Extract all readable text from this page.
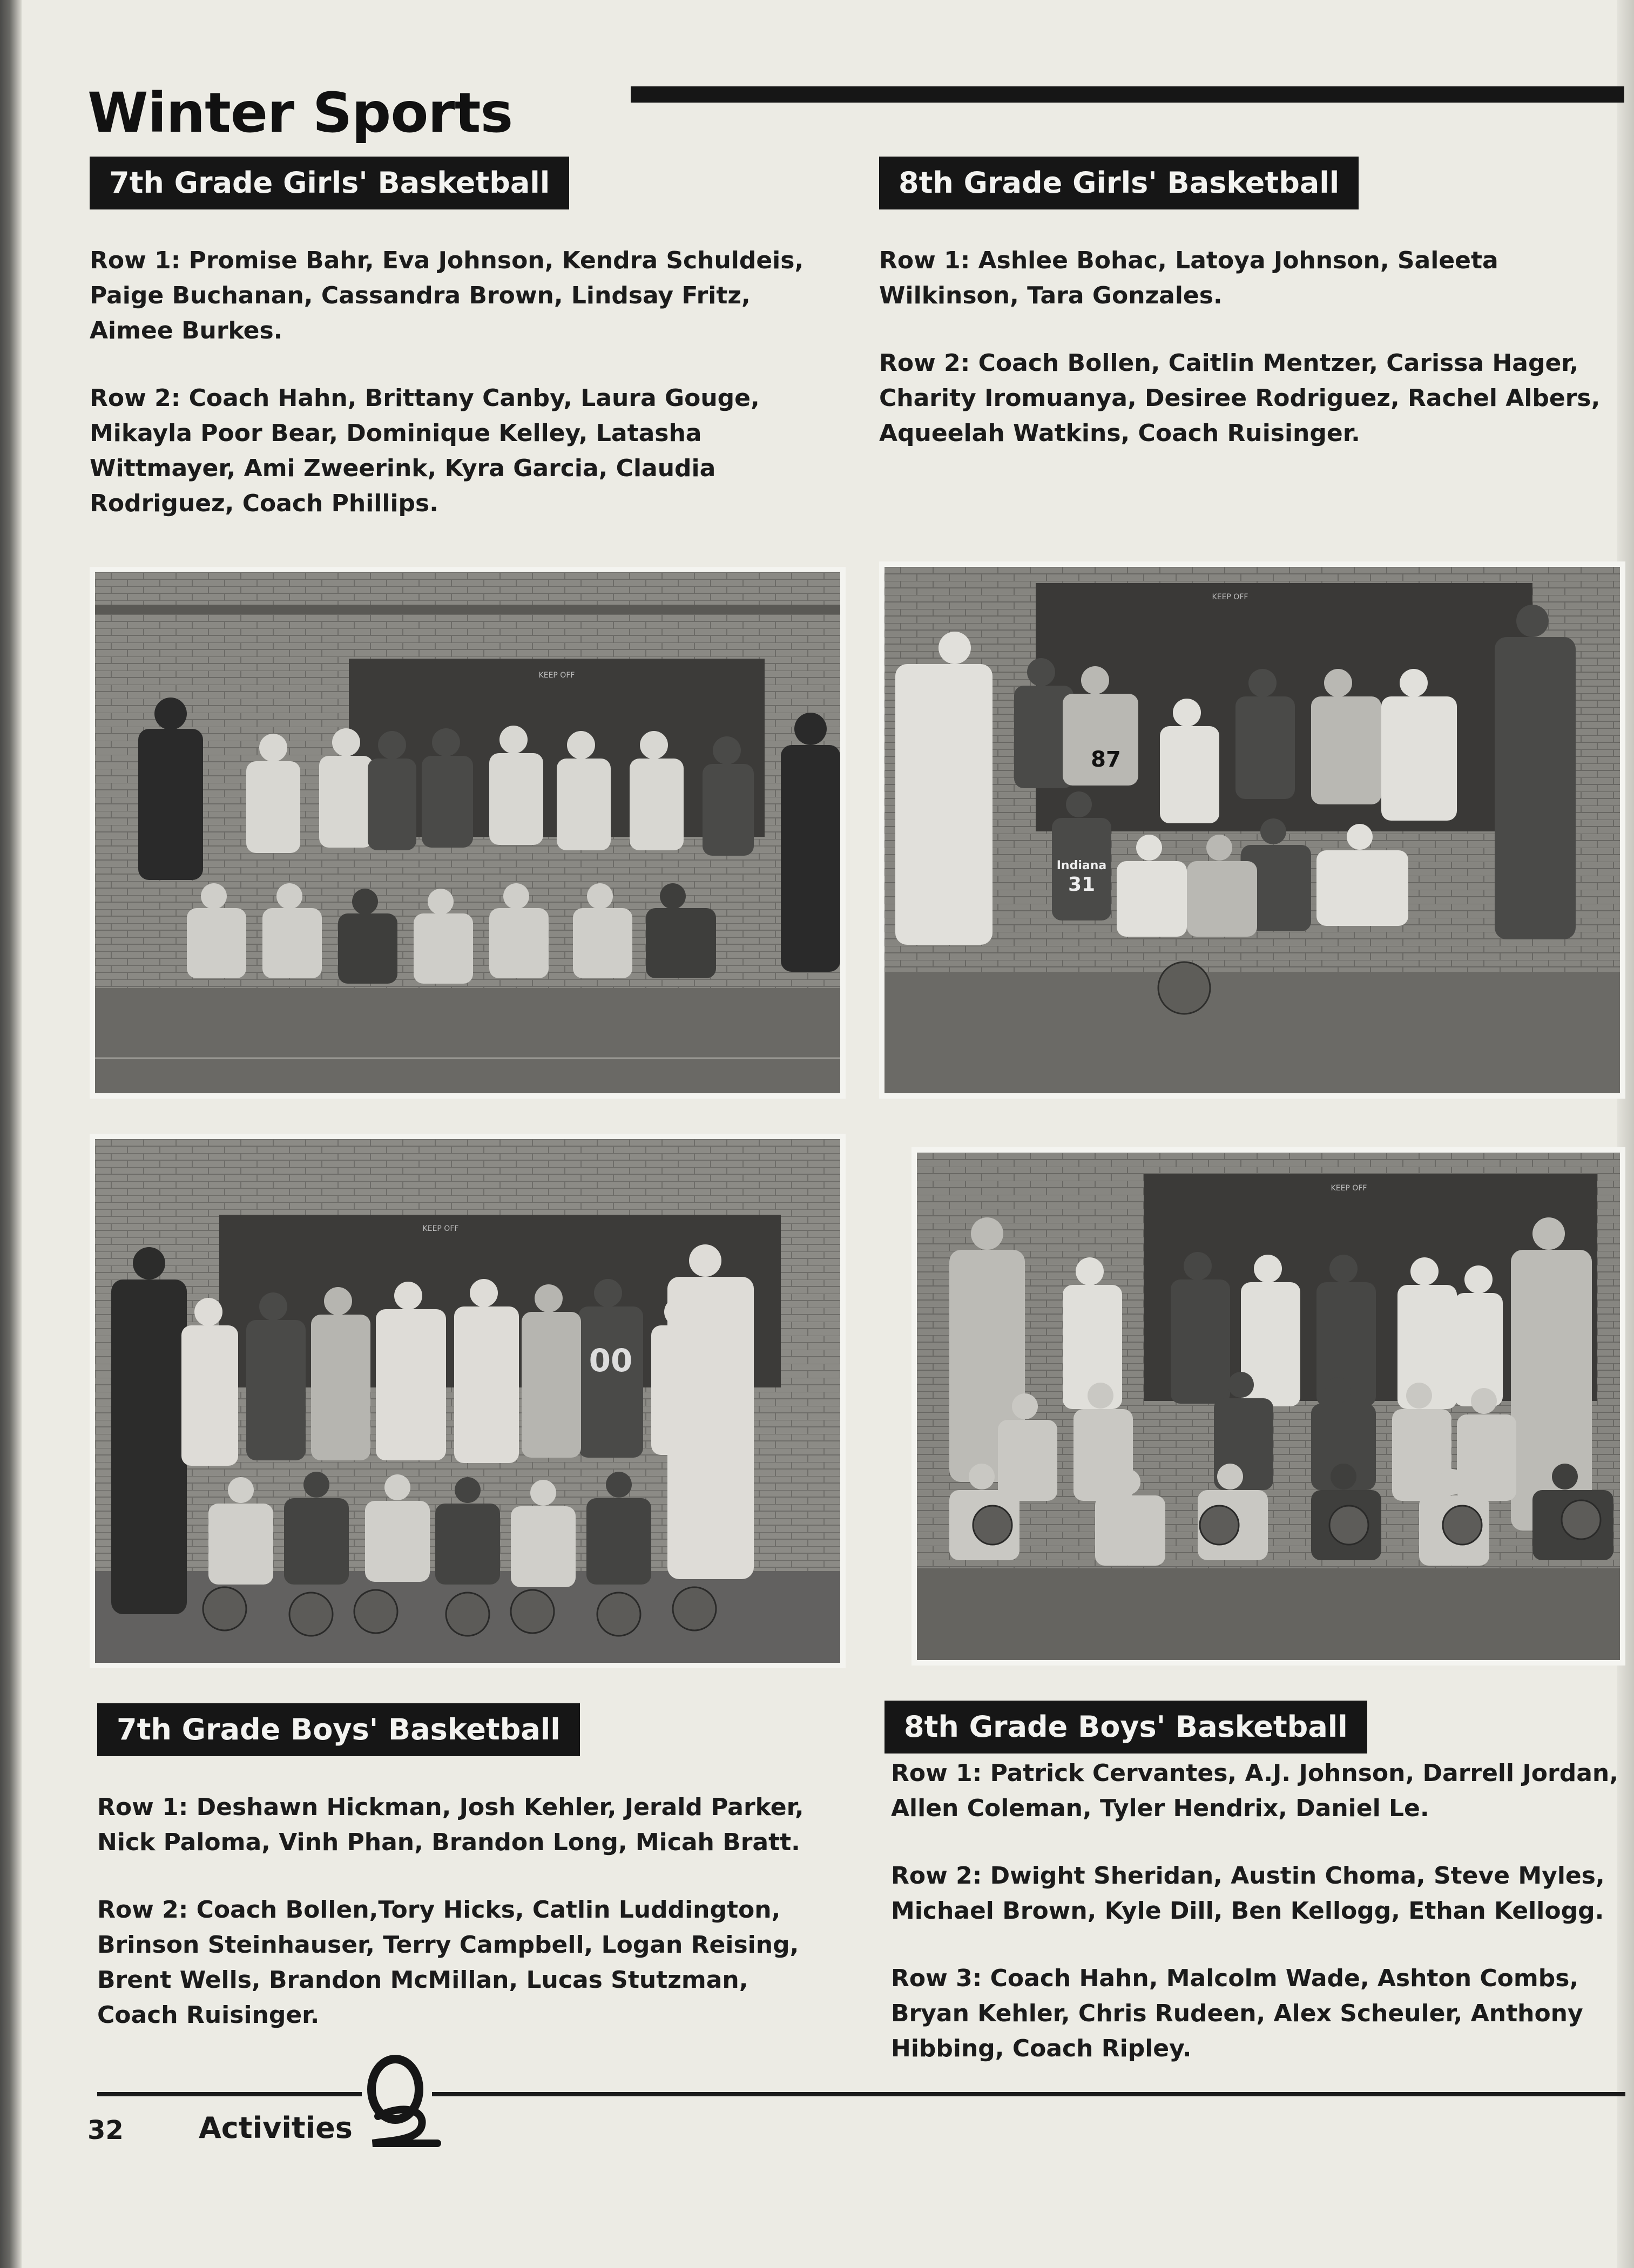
Winter Sports
7th Grade Girls' Basketball

Row 1: Promise Bahr, Eva Johnson, Kendra Schuldeis, Paige Buchanan, Cassandra Brown, Lindsay Fritz, Aimee Burkes.

Row 2: Coach Hahn, Brittany Canby, Laura Gouge, Mikayla Poor Bear, Dominique Kelley, Latasha Wittmayer, Ami Zweerink, Kyra Garcia, Claudia Rodriguez, Coach Phillips.

8th Grade Girls' Basketball

Row 1: Ashlee Bohac, Latoya Johnson, Saleeta Wilkinson, Tara Gonzales.

Row 2: Coach Bollen, Caitlin Mentzer, Carissa Hager, Charity Iromuanya, Desiree Rodriguez, Rachel Albers, Aqueelah Watkins, Coach Ruisinger.

KEEP OFF
KEEP OFF
87
Indiana
31
KEEP OFF
00
KEEP OFF
7th Grade Boys' Basketball

Row 1: Deshawn Hickman, Josh Kehler, Jerald Parker, Nick Paloma, Vinh Phan, Brandon Long, Micah Bratt.

Row 2: Coach Bollen,Tory Hicks, Catlin Luddington, Brinson Steinhauser, Terry Campbell, Logan Reising, Brent Wells, Brandon McMillan, Lucas Stutzman, Coach Ruisinger.

8th Grade Boys' Basketball

Row 1: Patrick Cervantes, A.J. Johnson, Darrell Jordan, Allen Coleman, Tyler Hendrix, Daniel Le.

Row 2: Dwight Sheridan, Austin Choma, Steve Myles, Michael Brown, Kyle Dill, Ben Kellogg, Ethan Kellogg.

Row 3: Coach Hahn, Malcolm Wade, Ashton Combs, Bryan Kehler, Chris Rudeen, Alex Scheuler, Anthony Hibbing, Coach Ripley.

32	Activities
